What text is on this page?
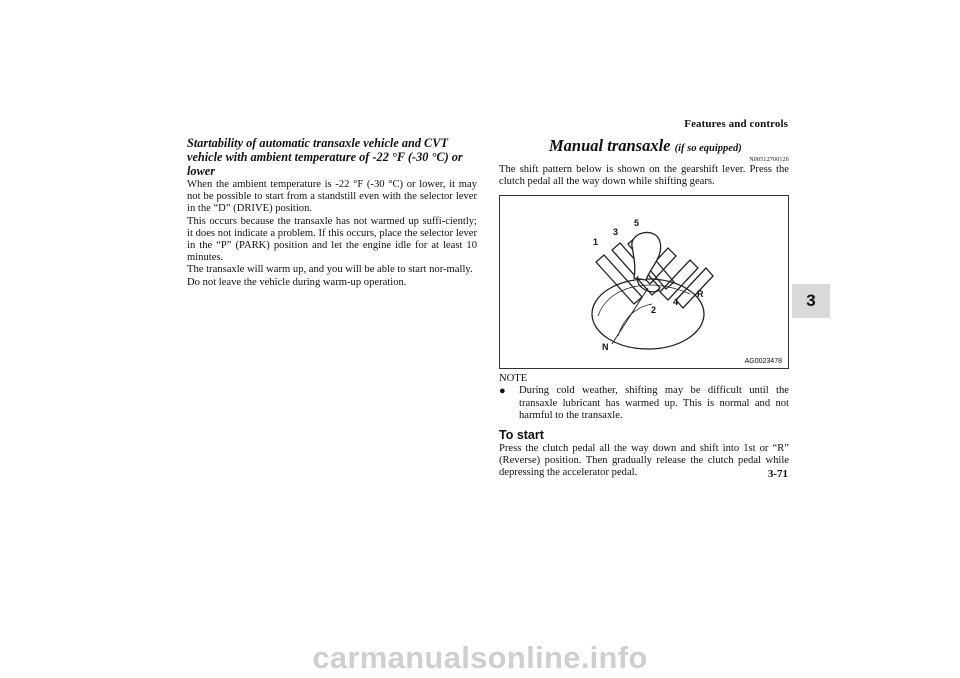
Features and controls
3
Startability of automatic transaxle vehicle and CVT vehicle with ambient temperature of -22 °F (-30 °C) or lower

When the ambient temperature is -22 °F (-30 °C) or lower, it may not be possible to start from a standstill even with the selector lever in the “D” (DRIVE) position.

This occurs because the transaxle has not warmed up suffi-ciently; it does not indicate a problem. If this occurs, place the selector lever in the “P” (PARK) position and let the engine idle for at least 10 minutes.

The transaxle will warm up, and you will be able to start nor-mally.

Do not leave the vehicle during warm-up operation.

Manual transaxle (if so equipped)
N00512700126

The shift pattern below is shown on the gearshift lever. Press the clutch pedal all the way down while shifting gears.

1
3
5
2
4
R
N
AG0023478
NOTE
●	During cold weather, shifting may be difficult until the transaxle lubricant has warmed up. This is normal and not harmful to the transaxle.
To start

Press the clutch pedal all the way down and shift into 1st or “R” (Reverse) position. Then gradually release the clutch pedal while depressing the accelerator pedal.	3-71
carmanualsonline.info
